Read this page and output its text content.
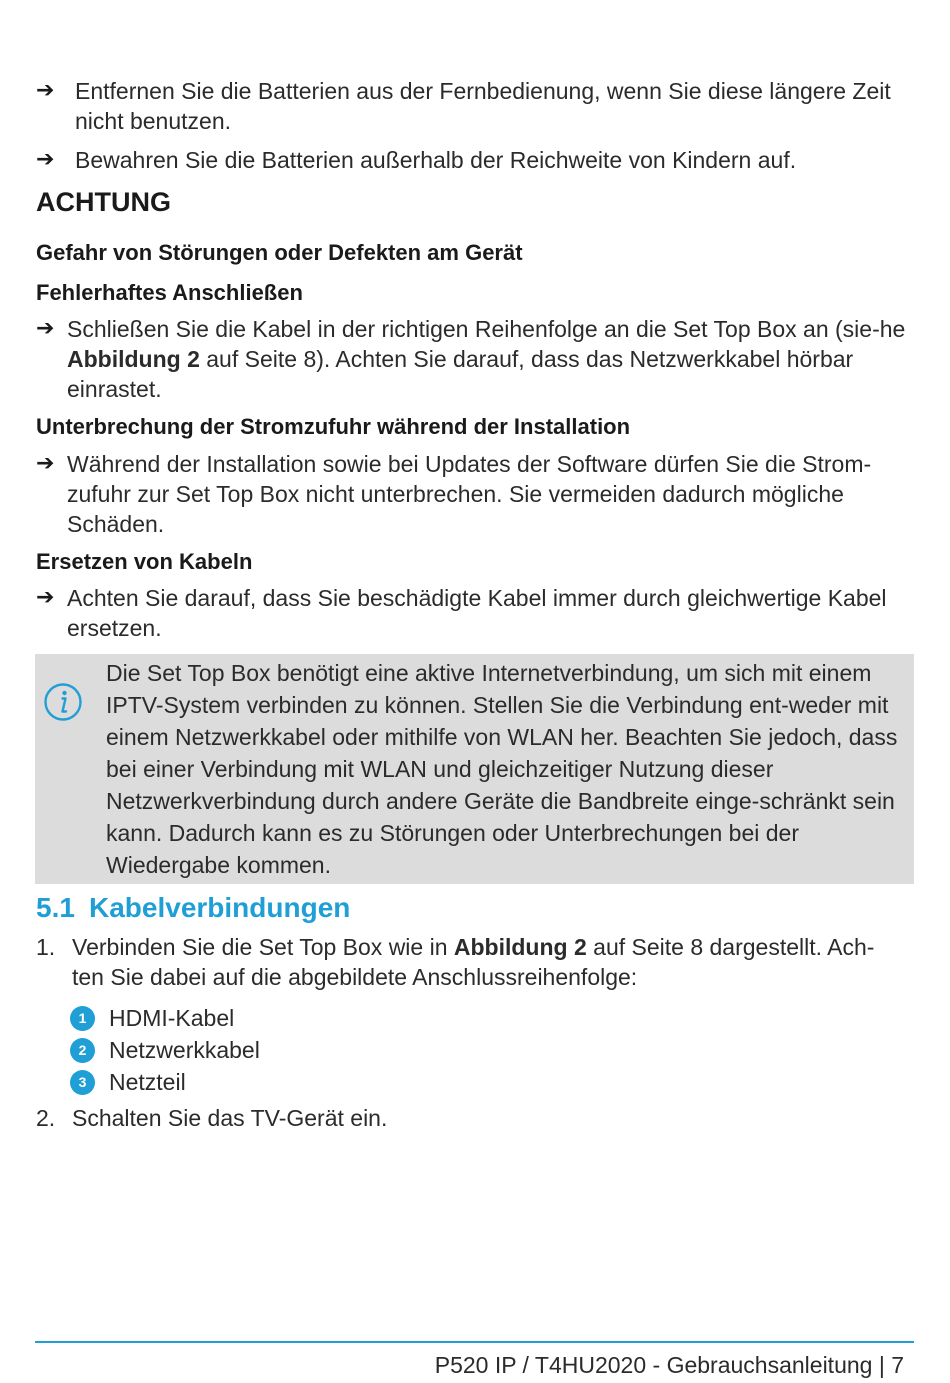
➔ Entfernen Sie die Batterien aus der Fernbedienung, wenn Sie diese längere Zeit nicht benutzen.
➔ Bewahren Sie die Batterien außerhalb der Reichweite von Kindern auf.
ACHTUNG
Gefahr von Störungen oder Defekten am Gerät
Fehlerhaftes Anschließen
➔ Schließen Sie die Kabel in der richtigen Reihenfolge an die Set Top Box an (sie-he Abbildung 2 auf Seite 8). Achten Sie darauf, dass das Netzwerkkabel hörbar einrastet.
Unterbrechung der Stromzufuhr während der Installation
➔ Während der Installation sowie bei Updates der Software dürfen Sie die Strom-zufuhr zur Set Top Box nicht unterbrechen. Sie vermeiden dadurch mögliche Schäden.
Ersetzen von Kabeln
➔ Achten Sie darauf, dass Sie beschädigte Kabel immer durch gleichwertige Kabel ersetzen.
Die Set Top Box benötigt eine aktive Internetverbindung, um sich mit einem IPTV-System verbinden zu können. Stellen Sie die Verbindung ent-weder mit einem Netzwerkkabel oder mithilfe von WLAN her. Beachten Sie jedoch, dass bei einer Verbindung mit WLAN und gleichzeitiger Nutzung dieser Netzwerkverbindung durch andere Geräte die Bandbreite einge-schränkt sein kann. Dadurch kann es zu Störungen oder Unterbrechungen bei der Wiedergabe kommen.
5.1 Kabelverbindungen
1. Verbinden Sie die Set Top Box wie in Abbildung 2 auf Seite 8 dargestellt. Ach-ten Sie dabei auf die abgebildete Anschlussreihenfolge:
1 HDMI-Kabel
2 Netzwerkkabel
3 Netzteil
2. Schalten Sie das TV-Gerät ein.
P520 IP / T4HU2020 - Gebrauchsanleitung | 7
